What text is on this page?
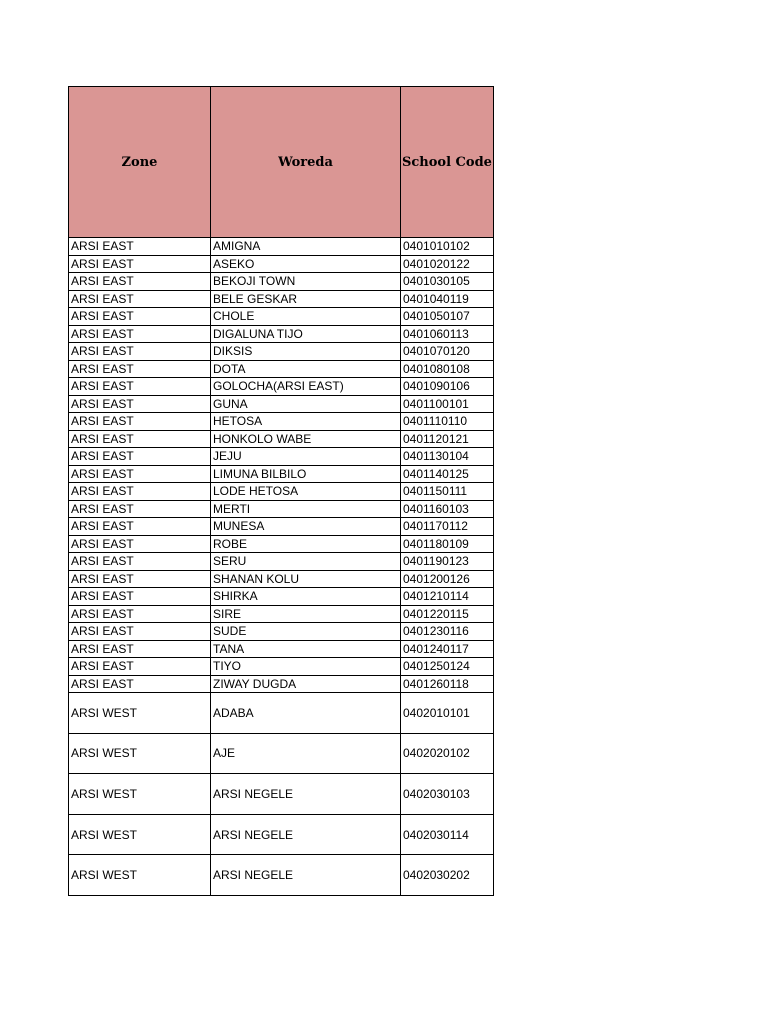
Zone	Woreda	School Code
ARSI EAST	AMIGNA	0401010102
ARSI EAST	ASEKO	0401020122
ARSI EAST	BEKOJI TOWN	0401030105
ARSI EAST	BELE GESKAR	0401040119
ARSI EAST	CHOLE	0401050107
ARSI EAST	DIGALUNA TIJO	0401060113
ARSI EAST	DIKSIS	0401070120
ARSI EAST	DOTA	0401080108
ARSI EAST	GOLOCHA(ARSI EAST)	0401090106
ARSI EAST	GUNA	0401100101
ARSI EAST	HETOSA	0401110110
ARSI EAST	HONKOLO WABE	0401120121
ARSI EAST	JEJU	0401130104
ARSI EAST	LIMUNA BILBILO	0401140125
ARSI EAST	LODE HETOSA	0401150111
ARSI EAST	MERTI	0401160103
ARSI EAST	MUNESA	0401170112
ARSI EAST	ROBE	0401180109
ARSI EAST	SERU	0401190123
ARSI EAST	SHANAN KOLU	0401200126
ARSI EAST	SHIRKA	0401210114
ARSI EAST	SIRE	0401220115
ARSI EAST	SUDE	0401230116
ARSI EAST	TANA	0401240117
ARSI EAST	TIYO	0401250124
ARSI EAST	ZIWAY DUGDA	0401260118
ARSI WEST	ADABA	0402010101
ARSI WEST	AJE	0402020102
ARSI WEST	ARSI NEGELE	0402030103
ARSI WEST	ARSI NEGELE	0402030114
ARSI WEST	ARSI NEGELE	0402030202
